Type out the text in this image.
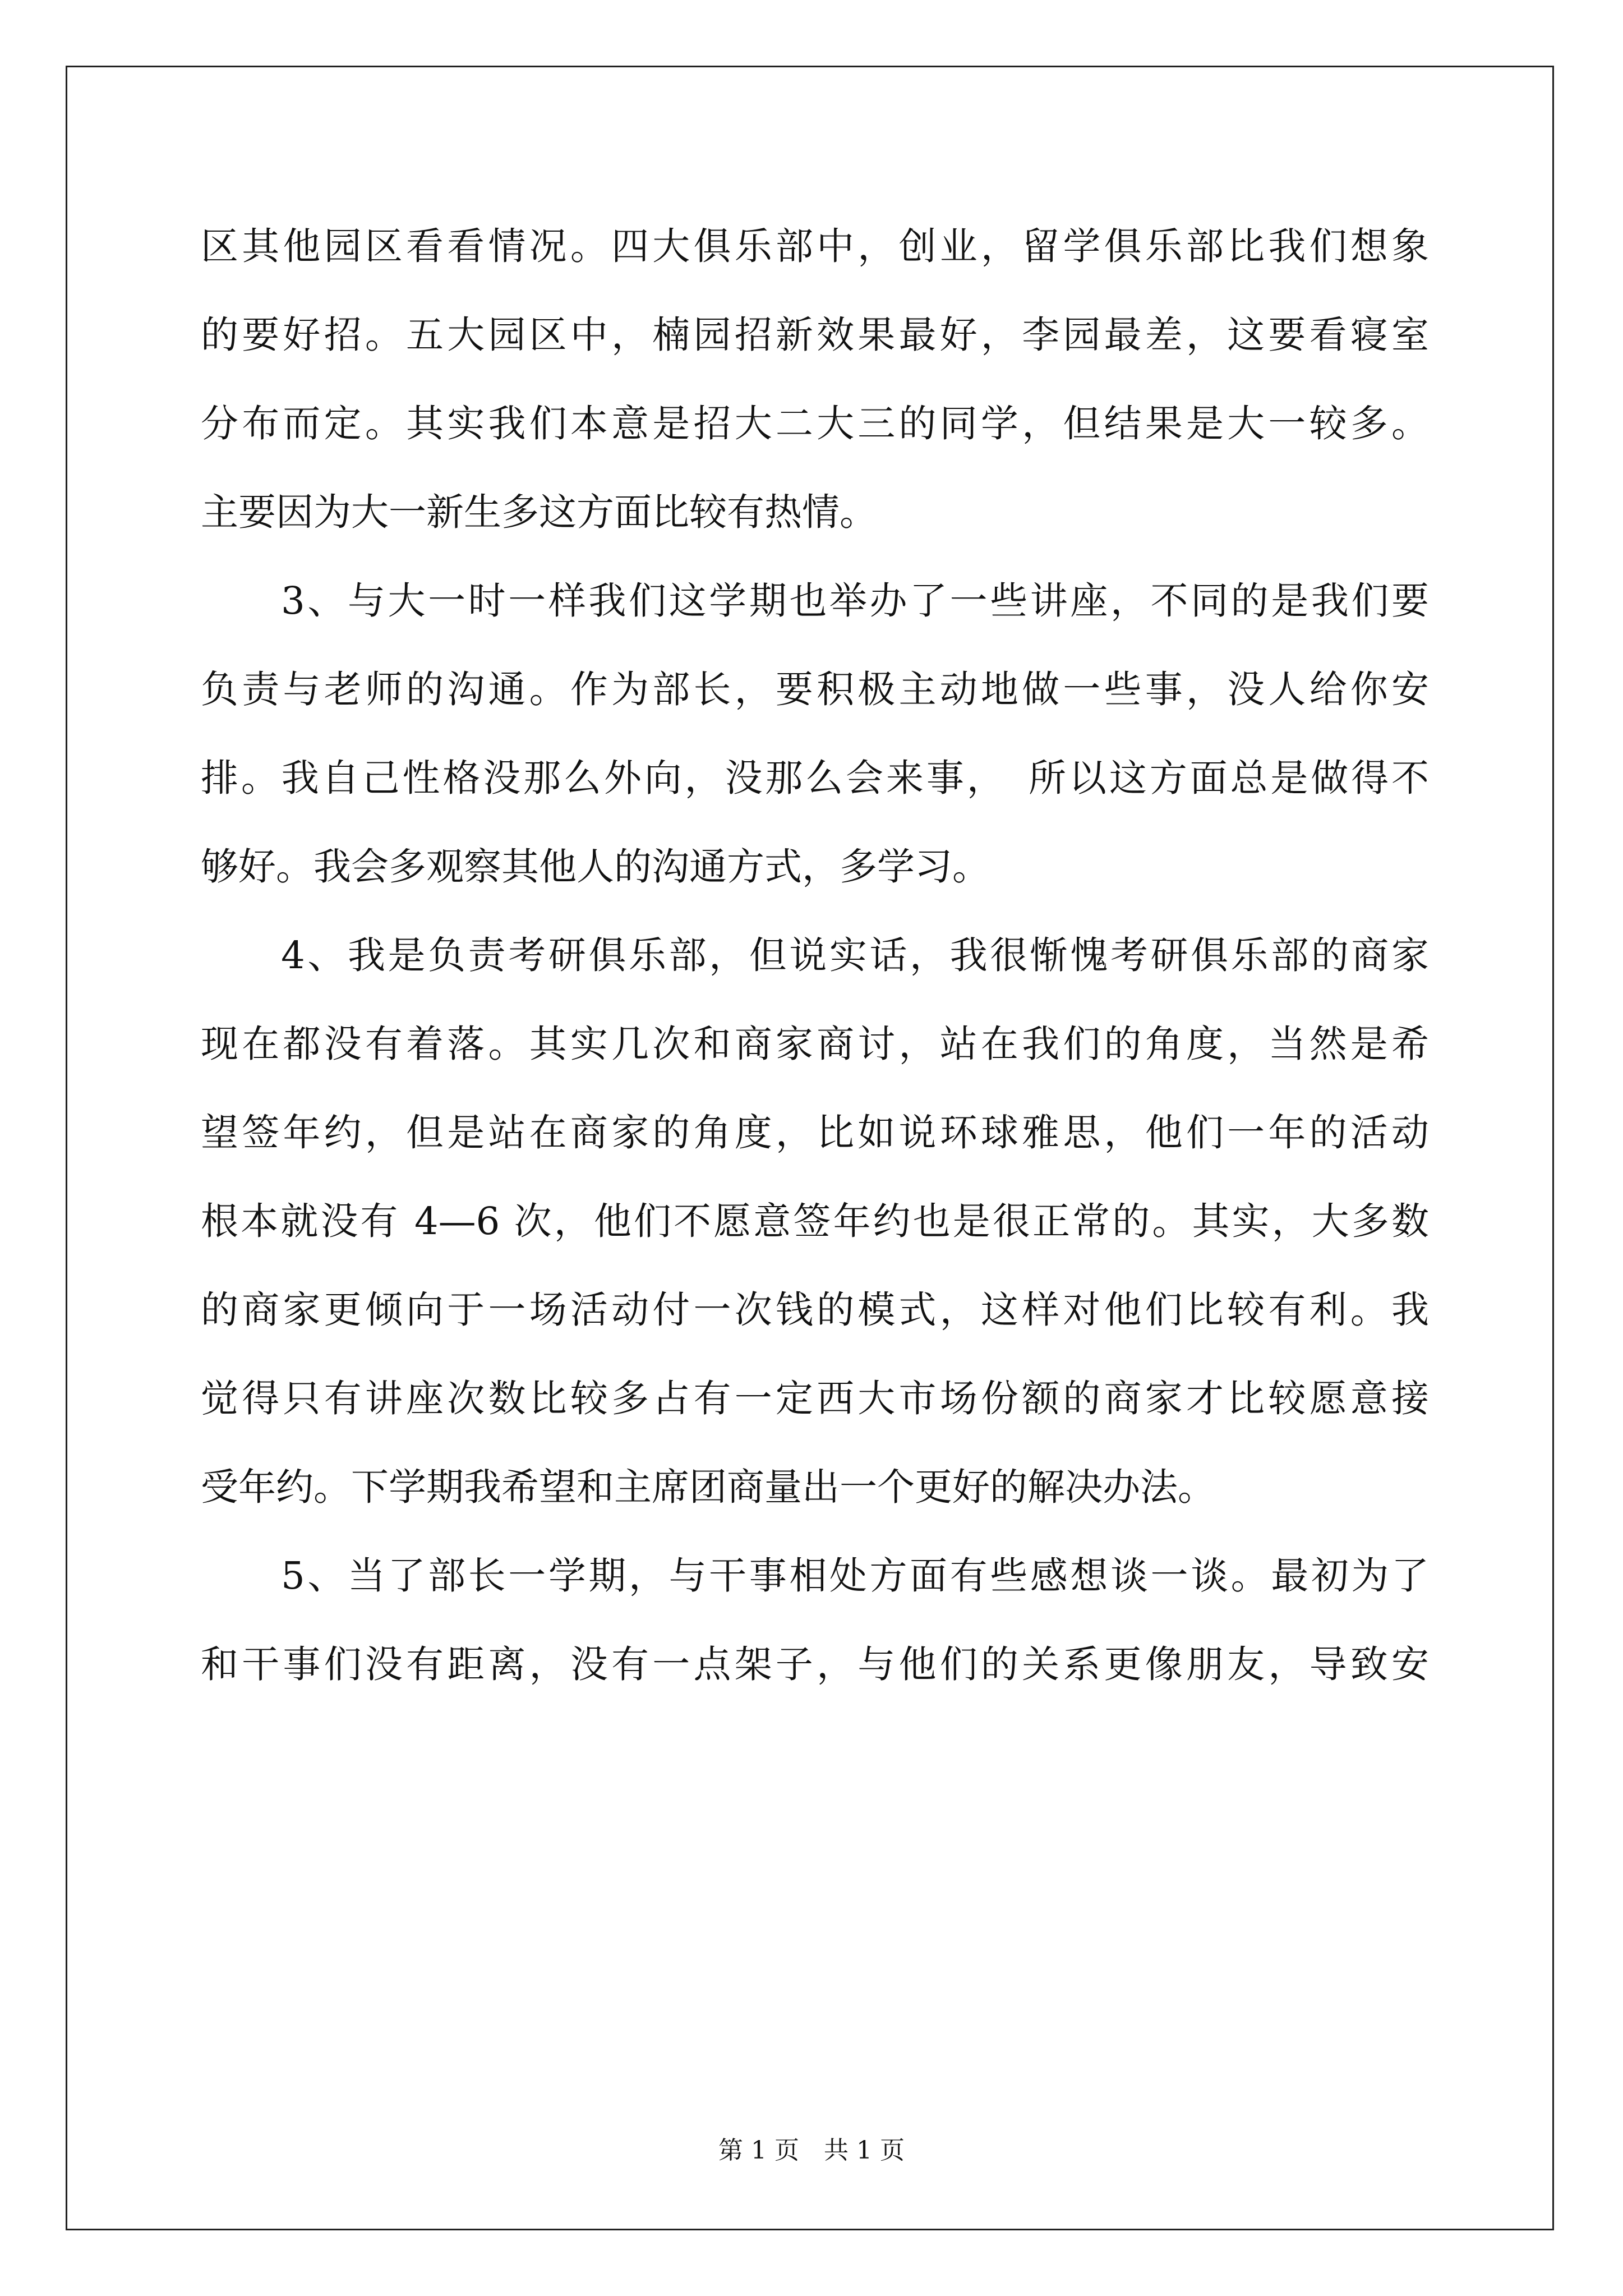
区其他园区看看情况。四大俱乐部中，创业，留学俱乐部比我们想象
的要好招。五大园区中，楠园招新效果最好，李园最差，这要看寝室
分布而定。其实我们本意是招大二大三的同学，但结果是大一较多。
主要因为大一新生多这方面比较有热情。
　　3、与大一时一样我们这学期也举办了一些讲座，不同的是我们要
负责与老师的沟通。作为部长，要积极主动地做一些事，没人给你安
排。我自己性格没那么外向，没那么会来事，　所以这方面总是做得不
够好。我会多观察其他人的沟通方式，多学习。
　　4、我是负责考研俱乐部，但说实话，我很惭愧考研俱乐部的商家
现在都没有着落。其实几次和商家商讨，站在我们的角度，当然是希
望签年约，但是站在商家的角度，比如说环球雅思，他们一年的活动
根本就没有 4—6 次，他们不愿意签年约也是很正常的。其实，大多数
的商家更倾向于一场活动付一次钱的模式，这样对他们比较有利。我
觉得只有讲座次数比较多占有一定西大市场份额的商家才比较愿意接
受年约。下学期我希望和主席团商量出一个更好的解决办法。
　　5、当了部长一学期，与干事相处方面有些感想谈一谈。最初为了
和干事们没有距离，没有一点架子，与他们的关系更像朋友，导致安
第 1 页　共 1 页
